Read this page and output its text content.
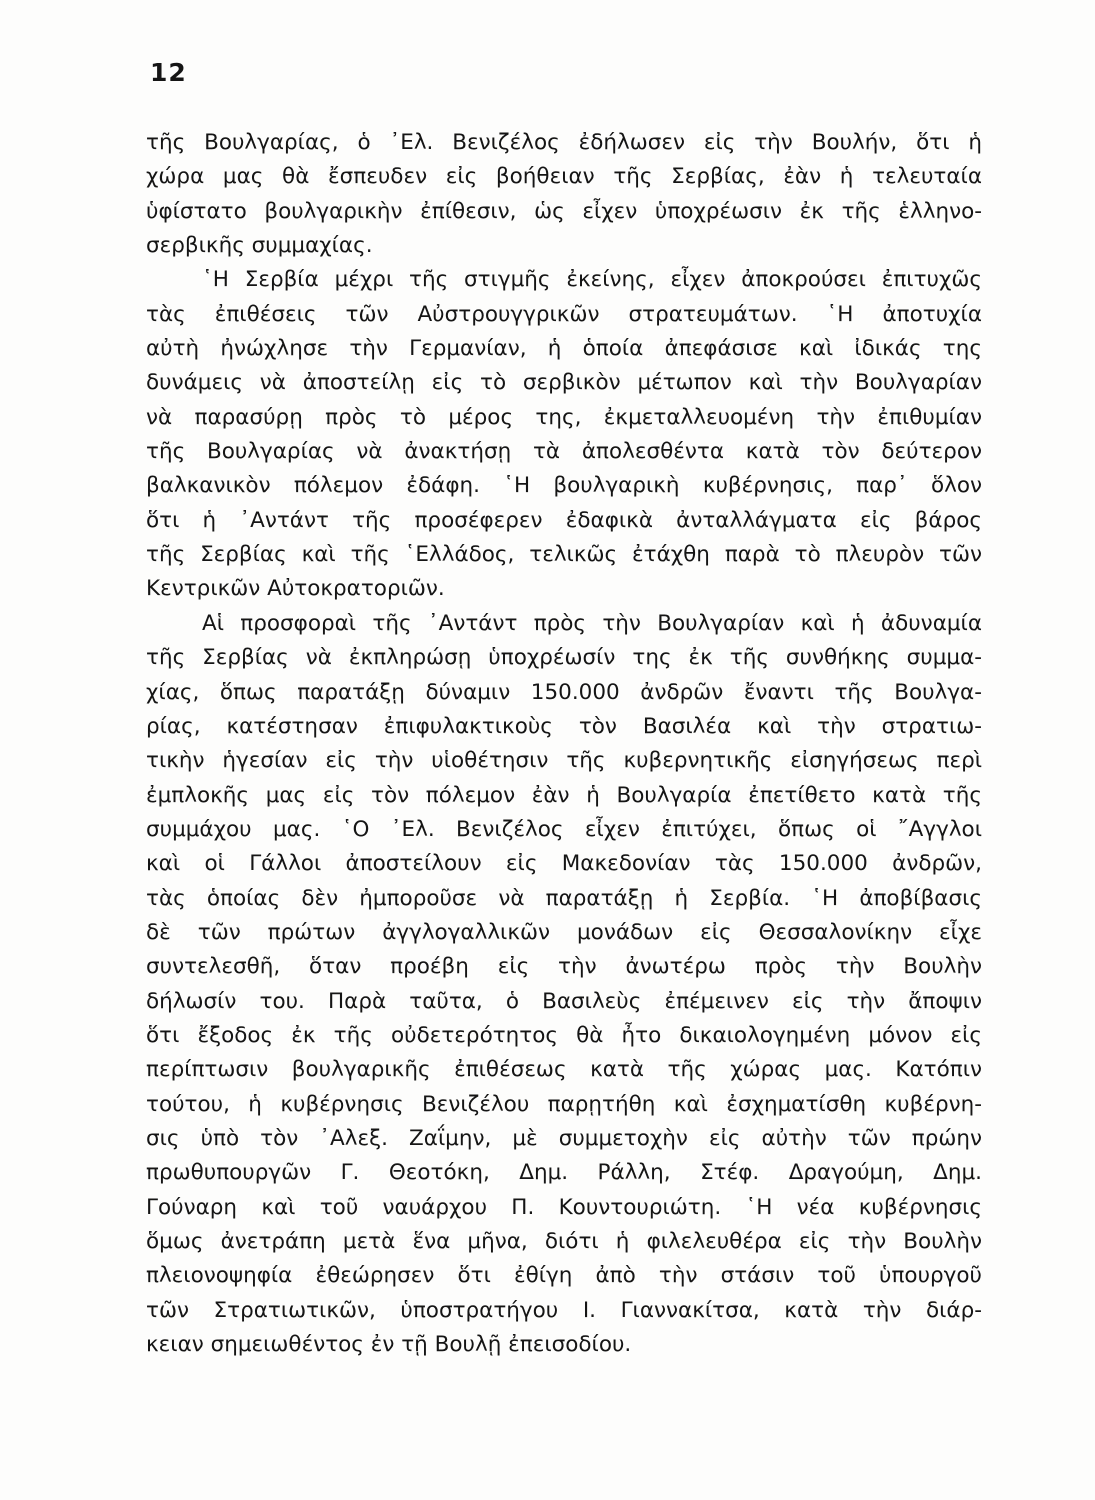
12
τῆς Βουλγαρίας, ὁ ᾽Ελ. Βενιζέλος ἐδήλωσεν εἰς τὴν Βουλήν, ὅτι ἡ
χώρα μας θὰ ἔσπευδεν εἰς βοήθειαν τῆς Σερβίας, ἐὰν ἡ τελευταία
ὑφίστατο βουλγαρικὴν ἐπίθεσιν, ὡς εἶχεν ὑποχρέωσιν ἐκ τῆς ἑλληνο-
σερβικῆς συμμαχίας.
῾Η Σερβία μέχρι τῆς στιγμῆς ἐκείνης, εἶχεν ἀποκρούσει ἐπιτυχῶς
τὰς ἐπιθέσεις τῶν Αὐστρουγγρικῶν στρατευμάτων. ῾Η ἀποτυχία
αὐτὴ ἠνώχλησε τὴν Γερμανίαν, ἡ ὁποία ἀπεφάσισε καὶ ἰδικάς της
δυνάμεις νὰ ἀποστείλῃ εἰς τὸ σερβικὸν μέτωπον καὶ τὴν Βουλγαρίαν
νὰ παρασύρῃ πρὸς τὸ μέρος της, ἐκμεταλλευομένη τὴν ἐπιθυμίαν
τῆς Βουλγαρίας νὰ ἀνακτήσῃ τὰ ἀπολεσθέντα κατὰ τὸν δεύτερον
βαλκανικὸν πόλεμον ἐδάφη. ῾Η βουλγαρικὴ κυβέρνησις, παρ᾽ ὅλον
ὅτι ἡ ᾽Αντάντ τῆς προσέφερεν ἐδαφικὰ ἀνταλλάγματα εἰς βάρος
τῆς Σερβίας καὶ τῆς ῾Ελλάδος, τελικῶς ἐτάχθη παρὰ τὸ πλευρὸν τῶν
Κεντρικῶν Αὐτοκρατοριῶν.
Αἱ προσφοραὶ τῆς ᾽Αντάντ πρὸς τὴν Βουλγαρίαν καὶ ἡ ἀδυναμία
τῆς Σερβίας νὰ ἐκπληρώσῃ ὑποχρέωσίν της ἐκ τῆς συνθήκης συμμα-
χίας, ὅπως παρατάξῃ δύναμιν 150.000 ἀνδρῶν ἔναντι τῆς Βουλγα-
ρίας, κατέστησαν ἐπιφυλακτικοὺς τὸν Βασιλέα καὶ τὴν στρατιω-
τικὴν ἡγεσίαν εἰς τὴν υἱοθέτησιν τῆς κυβερνητικῆς εἰσηγήσεως περὶ
ἐμπλοκῆς μας εἰς τὸν πόλεμον ἐὰν ἡ Βουλγαρία ἐπετίθετο κατὰ τῆς
συμμάχου μας. ῾Ο ᾽Ελ. Βενιζέλος εἶχεν ἐπιτύχει, ὅπως οἱ ῎Αγγλοι
καὶ οἱ Γάλλοι ἀποστείλουν εἰς Μακεδονίαν τὰς 150.000 ἀνδρῶν,
τὰς ὁποίας δὲν ἠμποροῦσε νὰ παρατάξῃ ἡ Σερβία. ῾Η ἀποβίβασις
δὲ τῶν πρώτων ἀγγλογαλλικῶν μονάδων εἰς Θεσσαλονίκην εἶχε
συντελεσθῆ, ὅταν προέβη εἰς τὴν ἀνωτέρω πρὸς τὴν Βουλὴν
δήλωσίν του. Παρὰ ταῦτα, ὁ Βασιλεὺς ἐπέμεινεν εἰς τὴν ἄποψιν
ὅτι ἔξοδος ἐκ τῆς οὐδετερότητος θὰ ἦτο δικαιολογημένη μόνον εἰς
περίπτωσιν βουλγαρικῆς ἐπιθέσεως κατὰ τῆς χώρας μας. Κατόπιν
τούτου, ἡ κυβέρνησις Βενιζέλου παρῃτήθη καὶ ἐσχηματίσθη κυβέρνη-
σις ὑπὸ τὸν ᾽Αλεξ. Ζαΐμην, μὲ συμμετοχὴν εἰς αὐτὴν τῶν πρώην
πρωθυπουργῶν Γ. Θεοτόκη, Δημ. Ράλλη, Στέφ. Δραγούμη, Δημ.
Γούναρη καὶ τοῦ ναυάρχου Π. Κουντουριώτη. ῾Η νέα κυβέρνησις
ὅμως ἀνετράπη μετὰ ἕνα μῆνα, διότι ἡ φιλελευθέρα εἰς τὴν Βουλὴν
πλειονοψηφία ἐθεώρησεν ὅτι ἐθίγη ἀπὸ τὴν στάσιν τοῦ ὑπουργοῦ
τῶν Στρατιωτικῶν, ὑποστρατήγου Ι. Γιαννακίτσα, κατὰ τὴν διάρ-
κειαν σημειωθέντος ἐν τῇ Βουλῇ ἐπεισοδίου.
